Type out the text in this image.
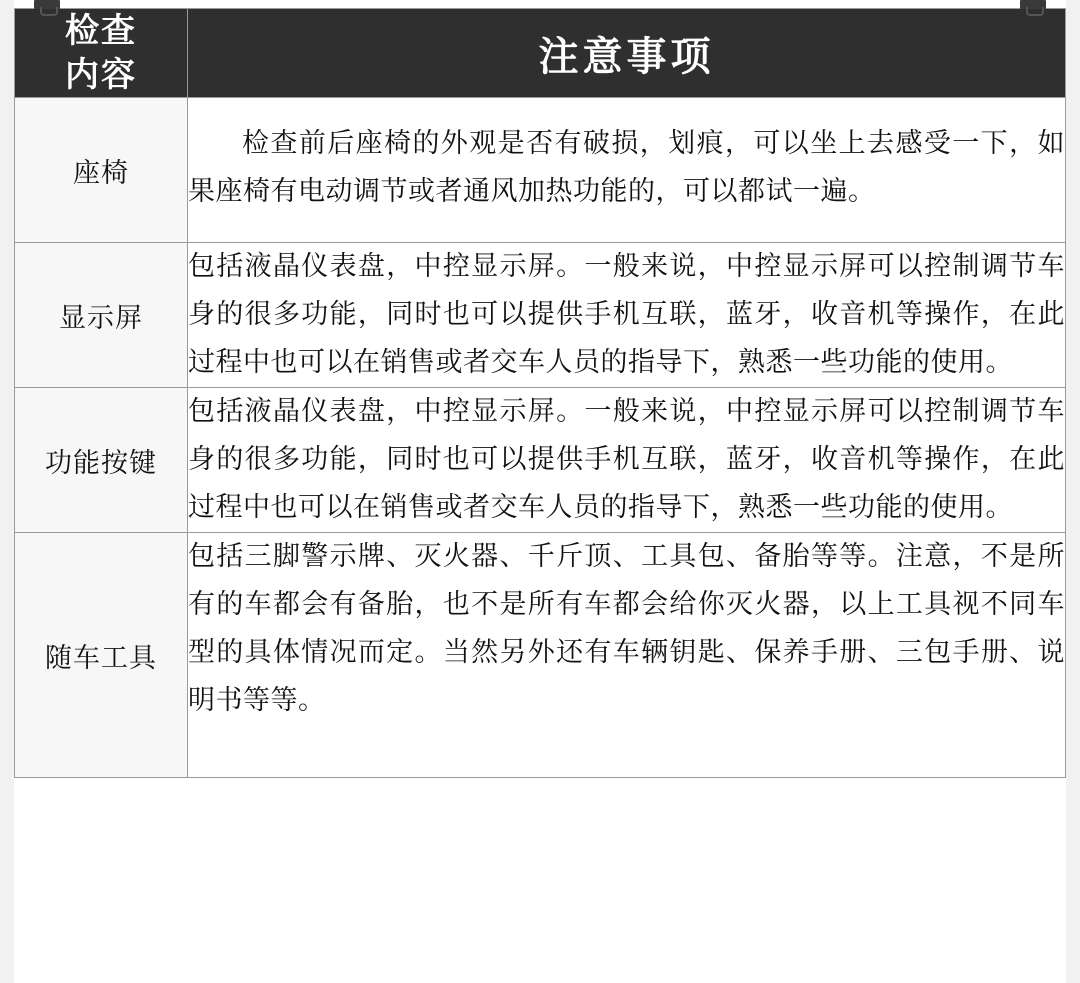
检查
内容	注意事项
座椅	检查前后座椅的外观是否有破损，划痕，可以坐上去感受一下，如果座椅有电动调节或者通风加热功能的，可以都试一遍。
显示屏	包括液晶仪表盘，中控显示屏。一般来说，中控显示屏可以控制调节车身的很多功能，同时也可以提供手机互联，蓝牙，收音机等操作，在此过程中也可以在销售或者交车人员的指导下，熟悉一些功能的使用。
功能按键	包括液晶仪表盘，中控显示屏。一般来说，中控显示屏可以控制调节车身的很多功能，同时也可以提供手机互联，蓝牙，收音机等操作，在此过程中也可以在销售或者交车人员的指导下，熟悉一些功能的使用。
随车工具	包括三脚警示牌、灭火器、千斤顶、工具包、备胎等等。注意，不是所有的车都会有备胎，也不是所有车都会给你灭火器，以上工具视不同车型的具体情况而定。当然另外还有车辆钥匙、保养手册、三包手册、说明书等等。
